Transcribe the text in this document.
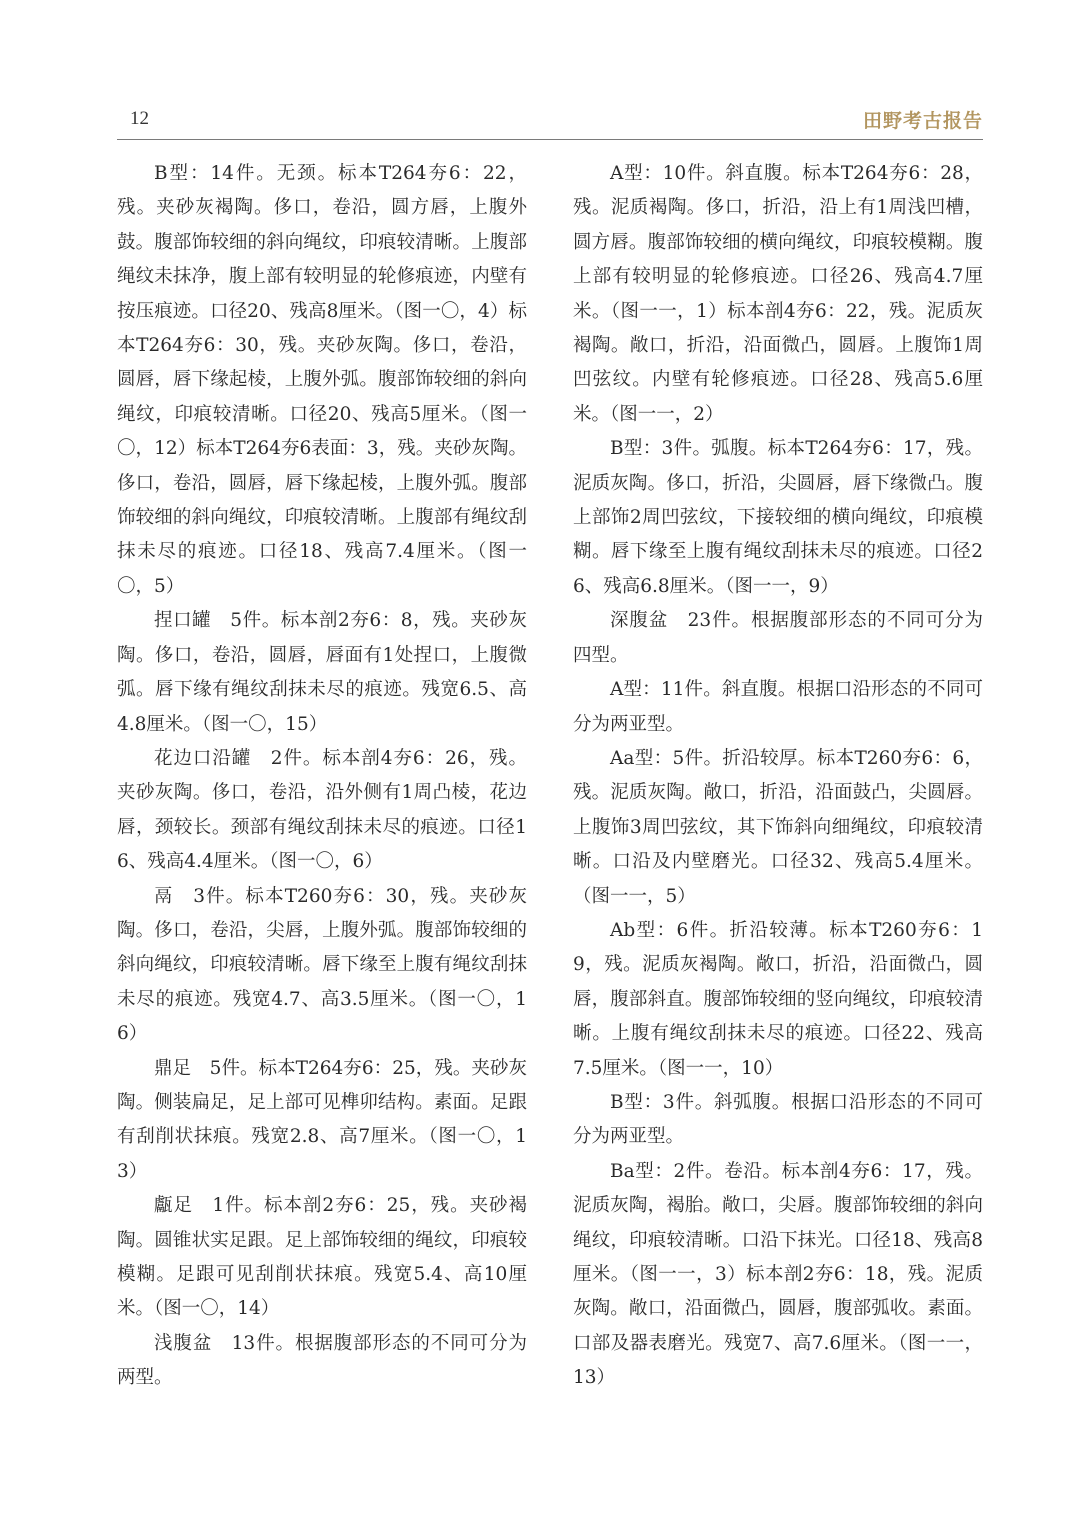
12	田野考古报告

B型：14件。无颈。标本T264夯6：22，残。夹砂灰褐陶。侈口，卷沿，圆方唇，上腹外鼓。腹部饰较细的斜向绳纹，印痕较清晰。上腹部绳纹未抹净，腹上部有较明显的轮修痕迹，内壁有按压痕迹。口径20、残高8厘米。（图一〇，4）标本T264夯6：30，残。夹砂灰陶。侈口，卷沿，圆唇，唇下缘起棱，上腹外弧。腹部饰较细的斜向绳纹，印痕较清晰。口径20、残高5厘米。（图一〇，12）标本T264夯6表面：3，残。夹砂灰陶。侈口，卷沿，圆唇，唇下缘起棱，上腹外弧。腹部饰较细的斜向绳纹，印痕较清晰。上腹部有绳纹刮抹未尽的痕迹。口径18、残高7.4厘米。（图一〇，5）

捏口罐　5件。标本剖2夯6：8，残。夹砂灰陶。侈口，卷沿，圆唇，唇面有1处捏口，上腹微弧。唇下缘有绳纹刮抹未尽的痕迹。残宽6.5、高4.8厘米。（图一〇，15）

花边口沿罐　2件。标本剖4夯6：26，残。夹砂灰陶。侈口，卷沿，沿外侧有1周凸棱，花边唇，颈较长。颈部有绳纹刮抹未尽的痕迹。口径16、残高4.4厘米。（图一〇，6）

鬲　3件。标本T260夯6：30，残。夹砂灰陶。侈口，卷沿，尖唇，上腹外弧。腹部饰较细的斜向绳纹，印痕较清晰。唇下缘至上腹有绳纹刮抹未尽的痕迹。残宽4.7、高3.5厘米。（图一〇，16）

鼎足　5件。标本T264夯6：25，残。夹砂灰陶。侧装扁足，足上部可见榫卯结构。素面。足跟有刮削状抹痕。残宽2.8、高7厘米。（图一〇，13）

甗足　1件。标本剖2夯6：25，残。夹砂褐陶。圆锥状实足跟。足上部饰较细的绳纹，印痕较模糊。足跟可见刮削状抹痕。残宽5.4、高10厘米。（图一〇，14）

浅腹盆　13件。根据腹部形态的不同可分为两型。

A型：10件。斜直腹。标本T264夯6：28，残。泥质褐陶。侈口，折沿，沿上有1周浅凹槽，圆方唇。腹部饰较细的横向绳纹，印痕较模糊。腹上部有较明显的轮修痕迹。口径26、残高4.7厘米。（图一一，1）标本剖4夯6：22，残。泥质灰褐陶。敞口，折沿，沿面微凸，圆唇。上腹饰1周凹弦纹。内壁有轮修痕迹。口径28、残高5.6厘米。（图一一，2）

B型：3件。弧腹。标本T264夯6：17，残。泥质灰陶。侈口，折沿，尖圆唇，唇下缘微凸。腹上部饰2周凹弦纹，下接较细的横向绳纹，印痕模糊。唇下缘至上腹有绳纹刮抹未尽的痕迹。口径26、残高6.8厘米。（图一一，9）

深腹盆　23件。根据腹部形态的不同可分为四型。

A型：11件。斜直腹。根据口沿形态的不同可分为两亚型。

Aa型：5件。折沿较厚。标本T260夯6：6，残。泥质灰陶。敞口，折沿，沿面鼓凸，尖圆唇。上腹饰3周凹弦纹，其下饰斜向细绳纹，印痕较清晰。口沿及内壁磨光。口径32、残高5.4厘米。（图一一，5）

Ab型：6件。折沿较薄。标本T260夯6：19，残。泥质灰褐陶。敞口，折沿，沿面微凸，圆唇，腹部斜直。腹部饰较细的竖向绳纹，印痕较清晰。上腹有绳纹刮抹未尽的痕迹。口径22、残高7.5厘米。（图一一，10）

B型：3件。斜弧腹。根据口沿形态的不同可分为两亚型。

Ba型：2件。卷沿。标本剖4夯6：17，残。泥质灰陶，褐胎。敞口，尖唇。腹部饰较细的斜向绳纹，印痕较清晰。口沿下抹光。口径18、残高8厘米。（图一一，3）标本剖2夯6：18，残。泥质灰陶。敞口，沿面微凸，圆唇，腹部弧收。素面。口部及器表磨光。残宽7、高7.6厘米。（图一一，13）
